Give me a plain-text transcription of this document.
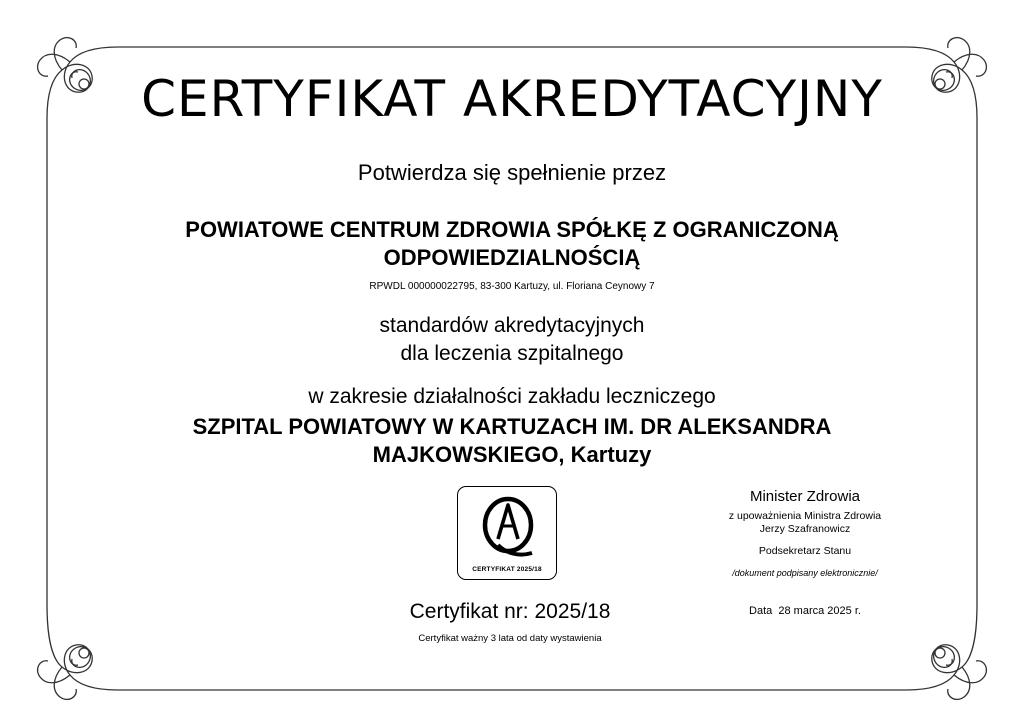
CERTYFIKAT AKREDYTACYJNY
Potwierdza się spełnienie przez
POWIATOWE CENTRUM ZDROWIA SPÓŁKĘ Z OGRANICZONĄ
ODPOWIEDZIALNOŚCIĄ
RPWDL 000000022795, 83-300 Kartuzy, ul. Floriana Ceynowy 7
standardów akredytacyjnych
dla leczenia szpitalnego
w zakresie działalności zakładu leczniczego
SZPITAL POWIATOWY W KARTUZACH IM. DR ALEKSANDRA
MAJKOWSKIEGO, Kartuzy
CERTYFIKAT 2025/18
Certyfikat nr: 2025/18
Certyfikat ważny 3 lata od daty wystawienia
Minister Zdrowia
z upoważnienia Ministra Zdrowia
Jerzy Szafranowicz
Podsekretarz Stanu
/dokument podpisany elektronicznie/
Data  28 marca 2025 r.
